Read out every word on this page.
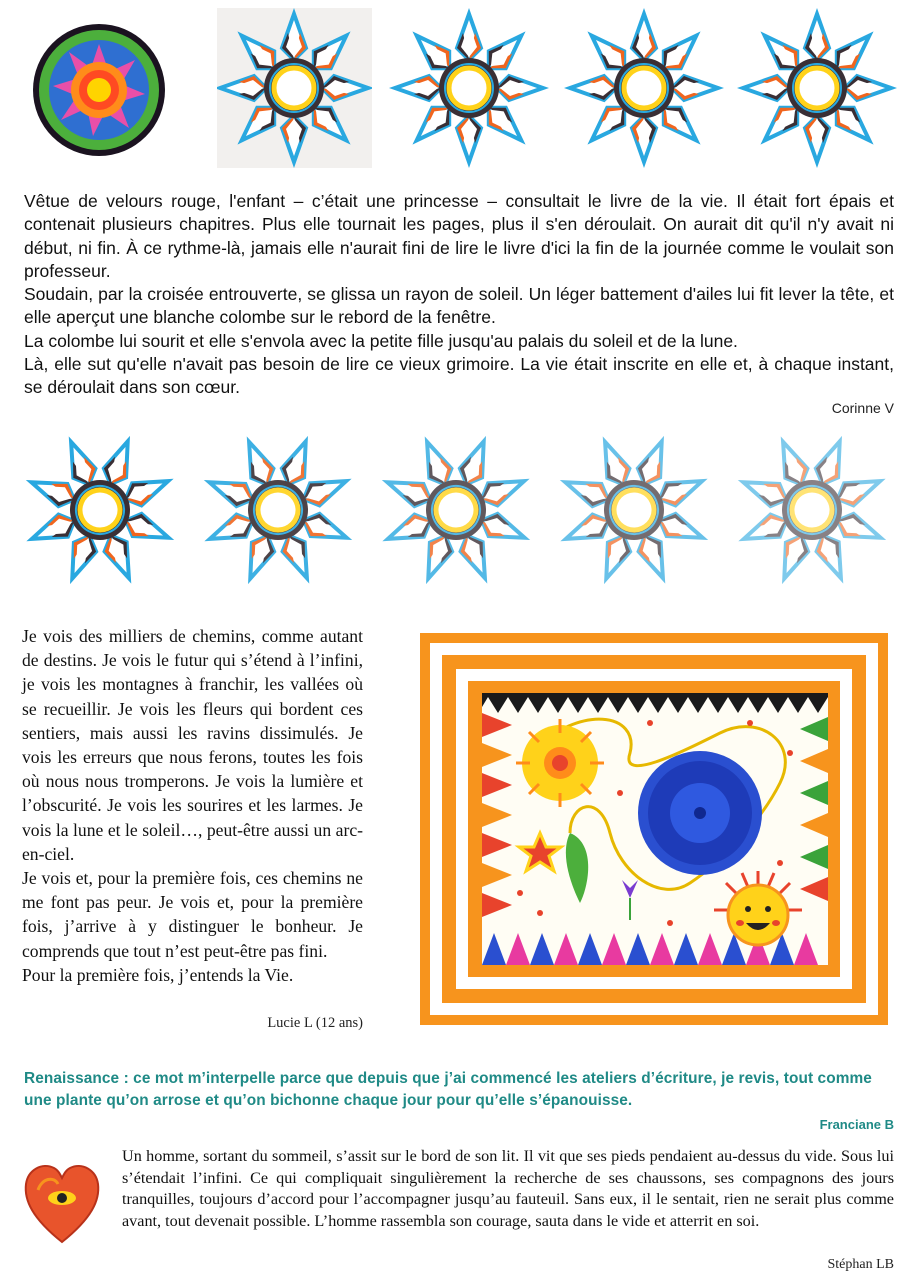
Vêtue de velours rouge, l'enfant – c’était une princesse – consultait le livre de la vie. Il était fort épais et contenait plusieurs chapitres. Plus elle tournait les pages, plus il s'en déroulait. On aurait dit qu'il n'y avait ni début, ni fin. À ce rythme-là, jamais elle n'aurait fini de lire le livre d'ici la fin de la journée comme le voulait son professeur.

Soudain, par la croisée entrouverte, se glissa un rayon de soleil. Un léger battement d'ailes lui fit lever la tête, et elle aperçut une blanche colombe sur le rebord de la fenêtre.

La colombe lui sourit et elle s'envola avec la petite fille jusqu'au palais du soleil et de la lune.

Là, elle sut qu'elle n'avait pas besoin de lire ce vieux grimoire. La vie était inscrite en elle et, à chaque instant, se déroulait dans son cœur.

Corinne V

Je vois des milliers de chemins, comme autant de destins. Je vois le futur qui s’étend à l’infini, je vois les montagnes à franchir, les vallées où se recueillir. Je vois les fleurs qui bordent ces sentiers, mais aussi les ravins dissimulés. Je vois les erreurs que nous ferons, toutes les fois où nous nous tromperons. Je vois la lumière et l’obscurité. Je vois les sourires et les larmes. Je vois la lune et le soleil…, peut-être aussi un arc-en-ciel.

Je vois et, pour la première fois, ces chemins ne me font pas peur. Je vois et, pour la première fois, j’arrive à y distinguer le bonheur. Je comprends que tout n’est peut-être pas fini.

Pour la première fois, j’entends la Vie.

Lucie L (12 ans)
Renaissance : ce mot m’interpelle parce que depuis que j’ai commencé les ateliers d’écriture, je revis, tout comme une plante qu’on arrose et qu’on bichonne chaque jour pour qu’elle s’épanouisse.
Franciane B
Un homme, sortant du sommeil, s’assit sur le bord de son lit. Il vit que ses pieds pendaient au-dessus du vide. Sous lui s’étendait l’infini. Ce qui compliquait singulièrement la recherche de ses chaussons, ses compagnons des jours tranquilles, toujours d’accord pour l’accompagner jusqu’au fauteuil. Sans eux, il le sentait, rien ne serait plus comme avant, tout devenait possible. L’homme rassembla son courage, sauta dans le vide et atterrit en soi.
Stéphan LB
